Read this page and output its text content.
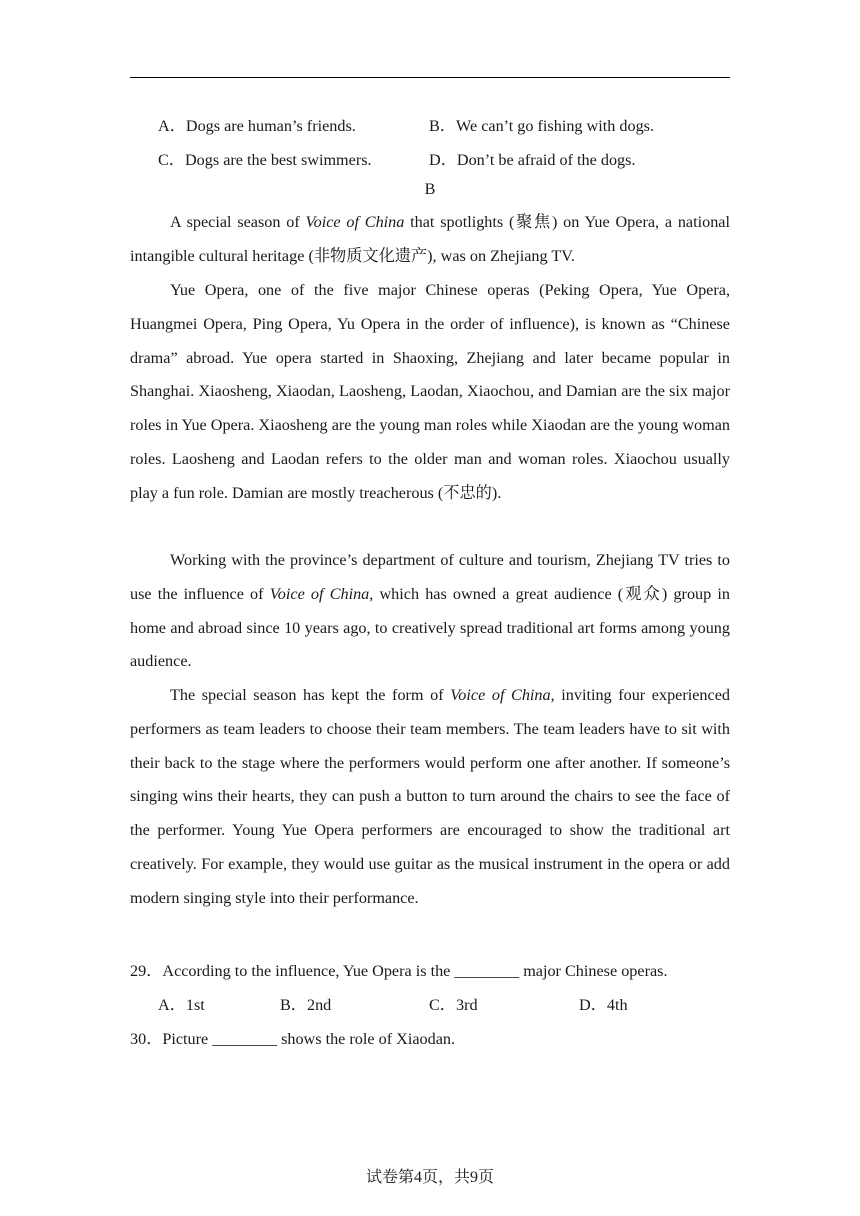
A．Dogs are human’s friends.	B．We can’t go fishing with dogs.
C．Dogs are the best swimmers.	D．Don’t be afraid of the dogs.
B

A special season of Voice of China that spotlights (聚焦) on Yue Opera, a national intangible cultural heritage (非物质文化遗产), was on Zhejiang TV.

Yue Opera, one of the five major Chinese operas (Peking Opera, Yue Opera, Huangmei Opera, Ping Opera, Yu Opera in the order of influence), is known as “Chinese drama” abroad. Yue opera started in Shaoxing, Zhejiang and later became popular in Shanghai. Xiaosheng, Xiaodan, Laosheng, Laodan, Xiaochou, and Damian are the six major roles in Yue Opera. Xiaosheng are the young man roles while Xiaodan are the young woman roles. Laosheng and Laodan refers to the older man and woman roles. Xiaochou usually play a fun role. Damian are mostly treacherous (不忠的).

Working with the province’s department of culture and tourism, Zhejiang TV tries to use the influence of Voice of China, which has owned a great audience (观众) group in home and abroad since 10 years ago, to creatively spread traditional art forms among young audience.

The special season has kept the form of Voice of China, inviting four experienced performers as team leaders to choose their team members. The team leaders have to sit with their back to the stage where the performers would perform one after another. If someone’s singing wins their hearts, they can push a button to turn around the chairs to see the face of the performer. Young Yue Opera performers are encouraged to show the traditional art creatively. For example, they would use guitar as the musical instrument in the opera or add modern singing style into their performance.

29．According to the influence, Yue Opera is the ________ major Chinese operas.
A．1st	B．2nd	C．3rd	D．4th
30．Picture ________ shows the role of Xiaodan.
试卷第4页，共9页
